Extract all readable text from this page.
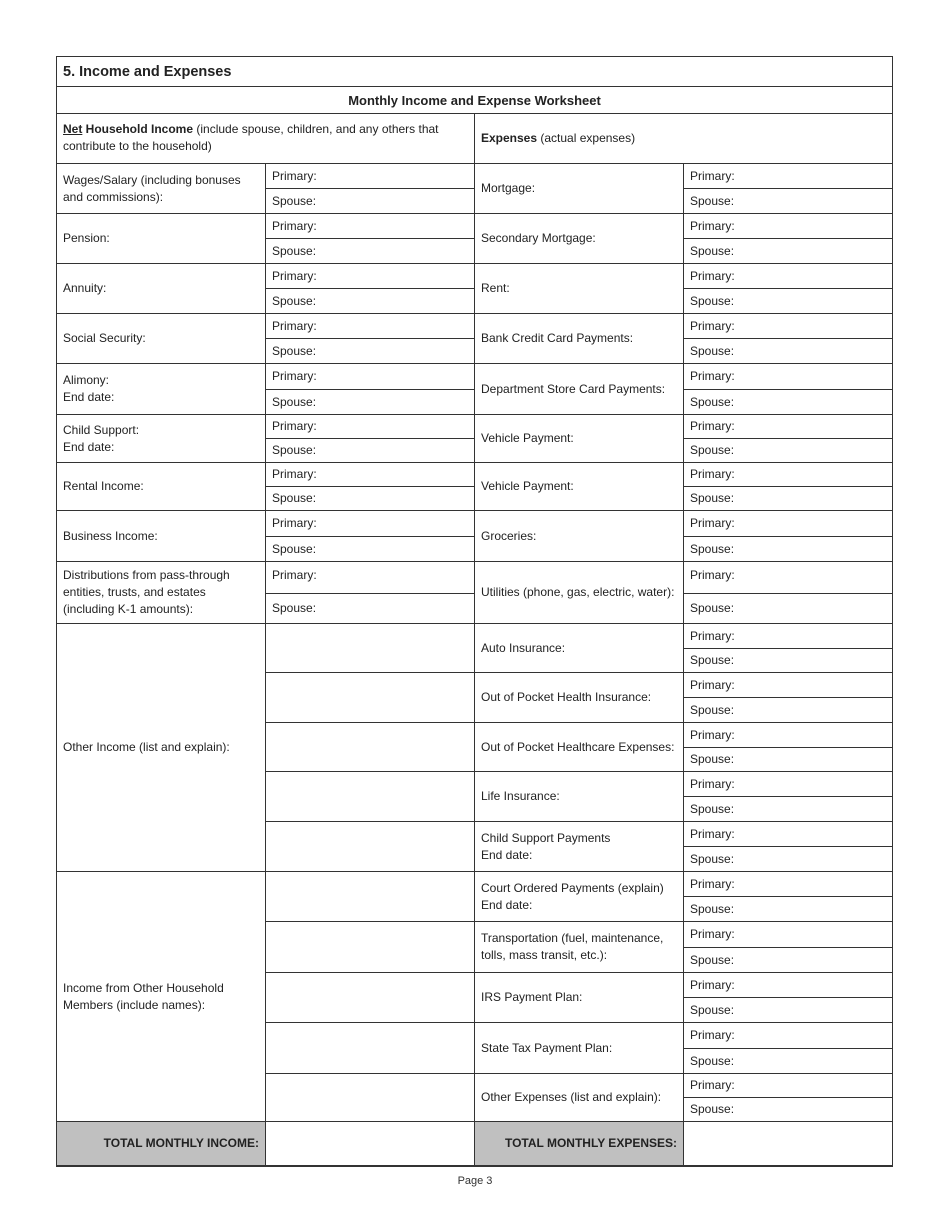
5. Income and Expenses
Monthly Income and Expense Worksheet
Net Household Income (include spouse, children, and any others that contribute to the household)
Expenses (actual expenses)
Wages/Salary (including bonuses and commissions):
Primary:
Spouse:
Pension:
Primary:
Spouse:
Annuity:
Primary:
Spouse:
Social Security:
Primary:
Spouse:
Alimony:
End date:
Primary:
Spouse:
Child Support:
End date:
Primary:
Spouse:
Rental Income:
Primary:
Spouse:
Business Income:
Primary:
Spouse:
Distributions from pass-through entities, trusts, and estates (including K-1 amounts):
Primary:
Spouse:
Other Income (list and explain):
Income from Other Household Members (include names):
Mortgage:
Primary:
Spouse:
Secondary Mortgage:
Primary:
Spouse:
Rent:
Primary:
Spouse:
Bank Credit Card Payments:
Primary:
Spouse:
Department Store Card Payments:
Primary:
Spouse:
Vehicle Payment:
Primary:
Spouse:
Vehicle Payment:
Primary:
Spouse:
Groceries:
Primary:
Spouse:
Utilities (phone, gas, electric, water):
Primary:
Spouse:
Auto Insurance:
Primary:
Spouse:
Out of Pocket Health Insurance:
Primary:
Spouse:
Out of Pocket Healthcare Expenses:
Primary:
Spouse:
Life Insurance:
Primary:
Spouse:
Child Support Payments
End date:
Primary:
Spouse:
Court Ordered Payments (explain)
End date:
Primary:
Spouse:
Transportation (fuel, maintenance, tolls, mass transit, etc.):
Primary:
Spouse:
IRS Payment Plan:
Primary:
Spouse:
State Tax Payment Plan:
Primary:
Spouse:
Other Expenses (list and explain):
Primary:
Spouse:
TOTAL MONTHLY INCOME:	TOTAL MONTHLY EXPENSES:
Page 3
